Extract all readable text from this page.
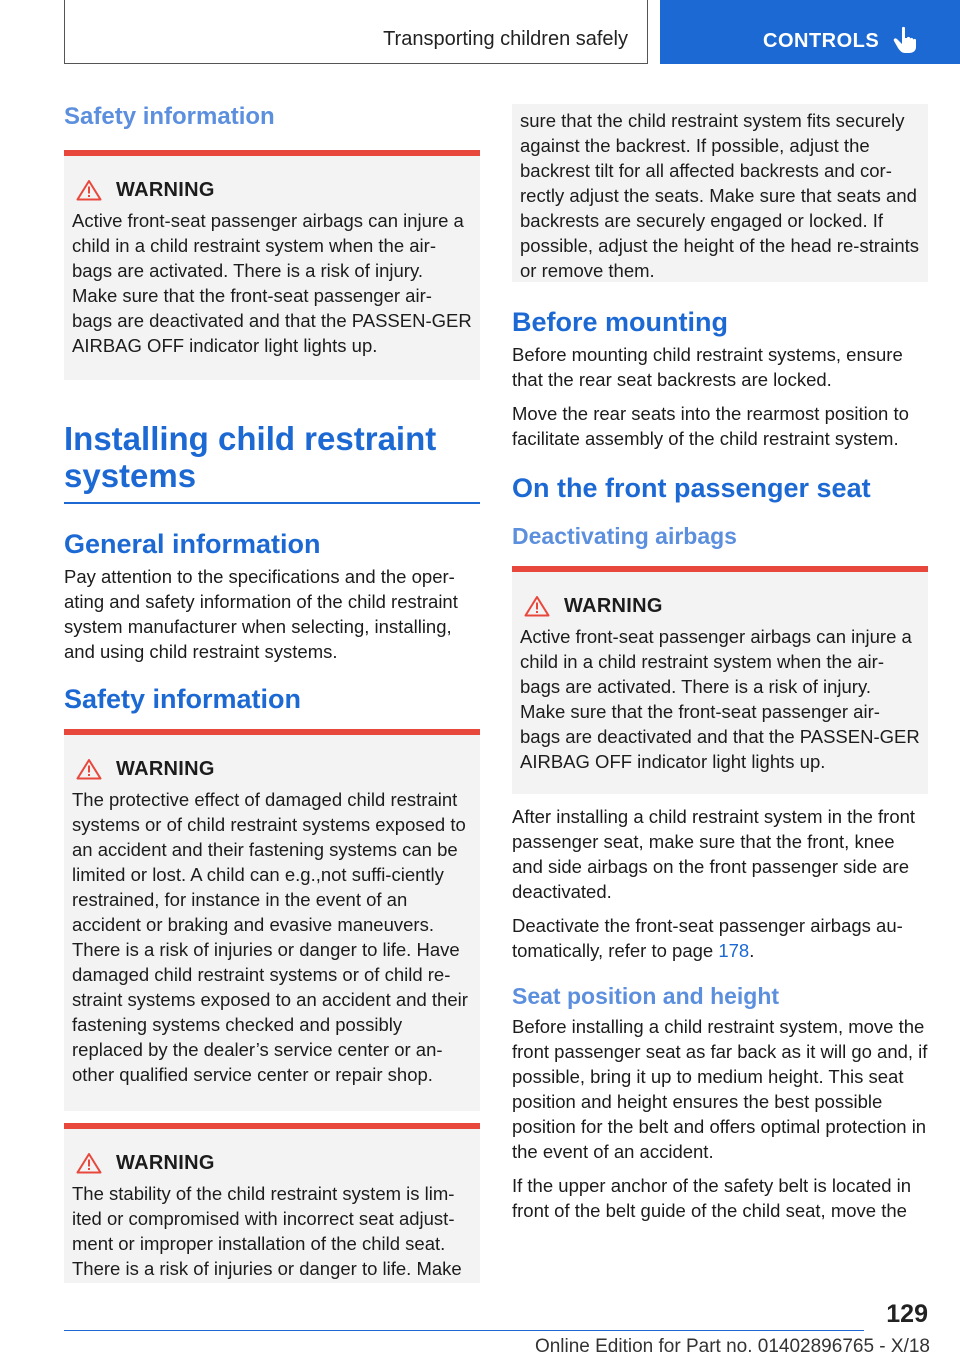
Transporting children safely	CONTROLS
Safety information
WARNING

Active front-seat passenger airbags can injure a child in a child restraint system when the air-bags are activated. There is a risk of injury. Make sure that the front-seat passenger air-bags are deactivated and that the PASSEN-GER AIRBAG OFF indicator light lights up.

Installing child restraint systems
General information

Pay attention to the specifications and the oper-ating and safety information of the child restraint system manufacturer when selecting, installing, and using child restraint systems.

Safety information
WARNING

The protective effect of damaged child restraint systems or of child restraint systems exposed to an accident and their fastening systems can be limited or lost. A child can e.g.,not suffi-ciently restrained, for instance in the event of an accident or braking and evasive maneuvers. There is a risk of injuries or danger to life. Have damaged child restraint systems or of child re-straint systems exposed to an accident and their fastening systems checked and possibly replaced by the dealer’s service center or an-other qualified service center or repair shop.

WARNING

The stability of the child restraint system is lim-ited or compromised with incorrect seat adjust-ment or improper installation of the child seat. There is a risk of injuries or danger to life. Make

sure that the child restraint system fits securely against the backrest. If possible, adjust the backrest tilt for all affected backrests and cor-rectly adjust the seats. Make sure that seats and backrests are securely engaged or locked. If possible, adjust the height of the head re-straints or remove them.

Before mounting

Before mounting child restraint systems, ensure that the rear seat backrests are locked.

Move the rear seats into the rearmost position to facilitate assembly of the child restraint system.

On the front passenger seat
Deactivating airbags
WARNING

Active front-seat passenger airbags can injure a child in a child restraint system when the air-bags are activated. There is a risk of injury. Make sure that the front-seat passenger air-bags are deactivated and that the PASSEN-GER AIRBAG OFF indicator light lights up.

After installing a child restraint system in the front passenger seat, make sure that the front, knee and side airbags on the front passenger side are deactivated.

Deactivate the front-seat passenger airbags au-tomatically, refer to page 178.

Seat position and height

Before installing a child restraint system, move the front passenger seat as far back as it will go and, if possible, bring it up to medium height. This seat position and height ensures the best possible position for the belt and offers optimal protection in the event of an accident.

If the upper anchor of the safety belt is located in front of the belt guide of the child seat, move the

129
Online Edition for Part no. 01402896765 - X/18
